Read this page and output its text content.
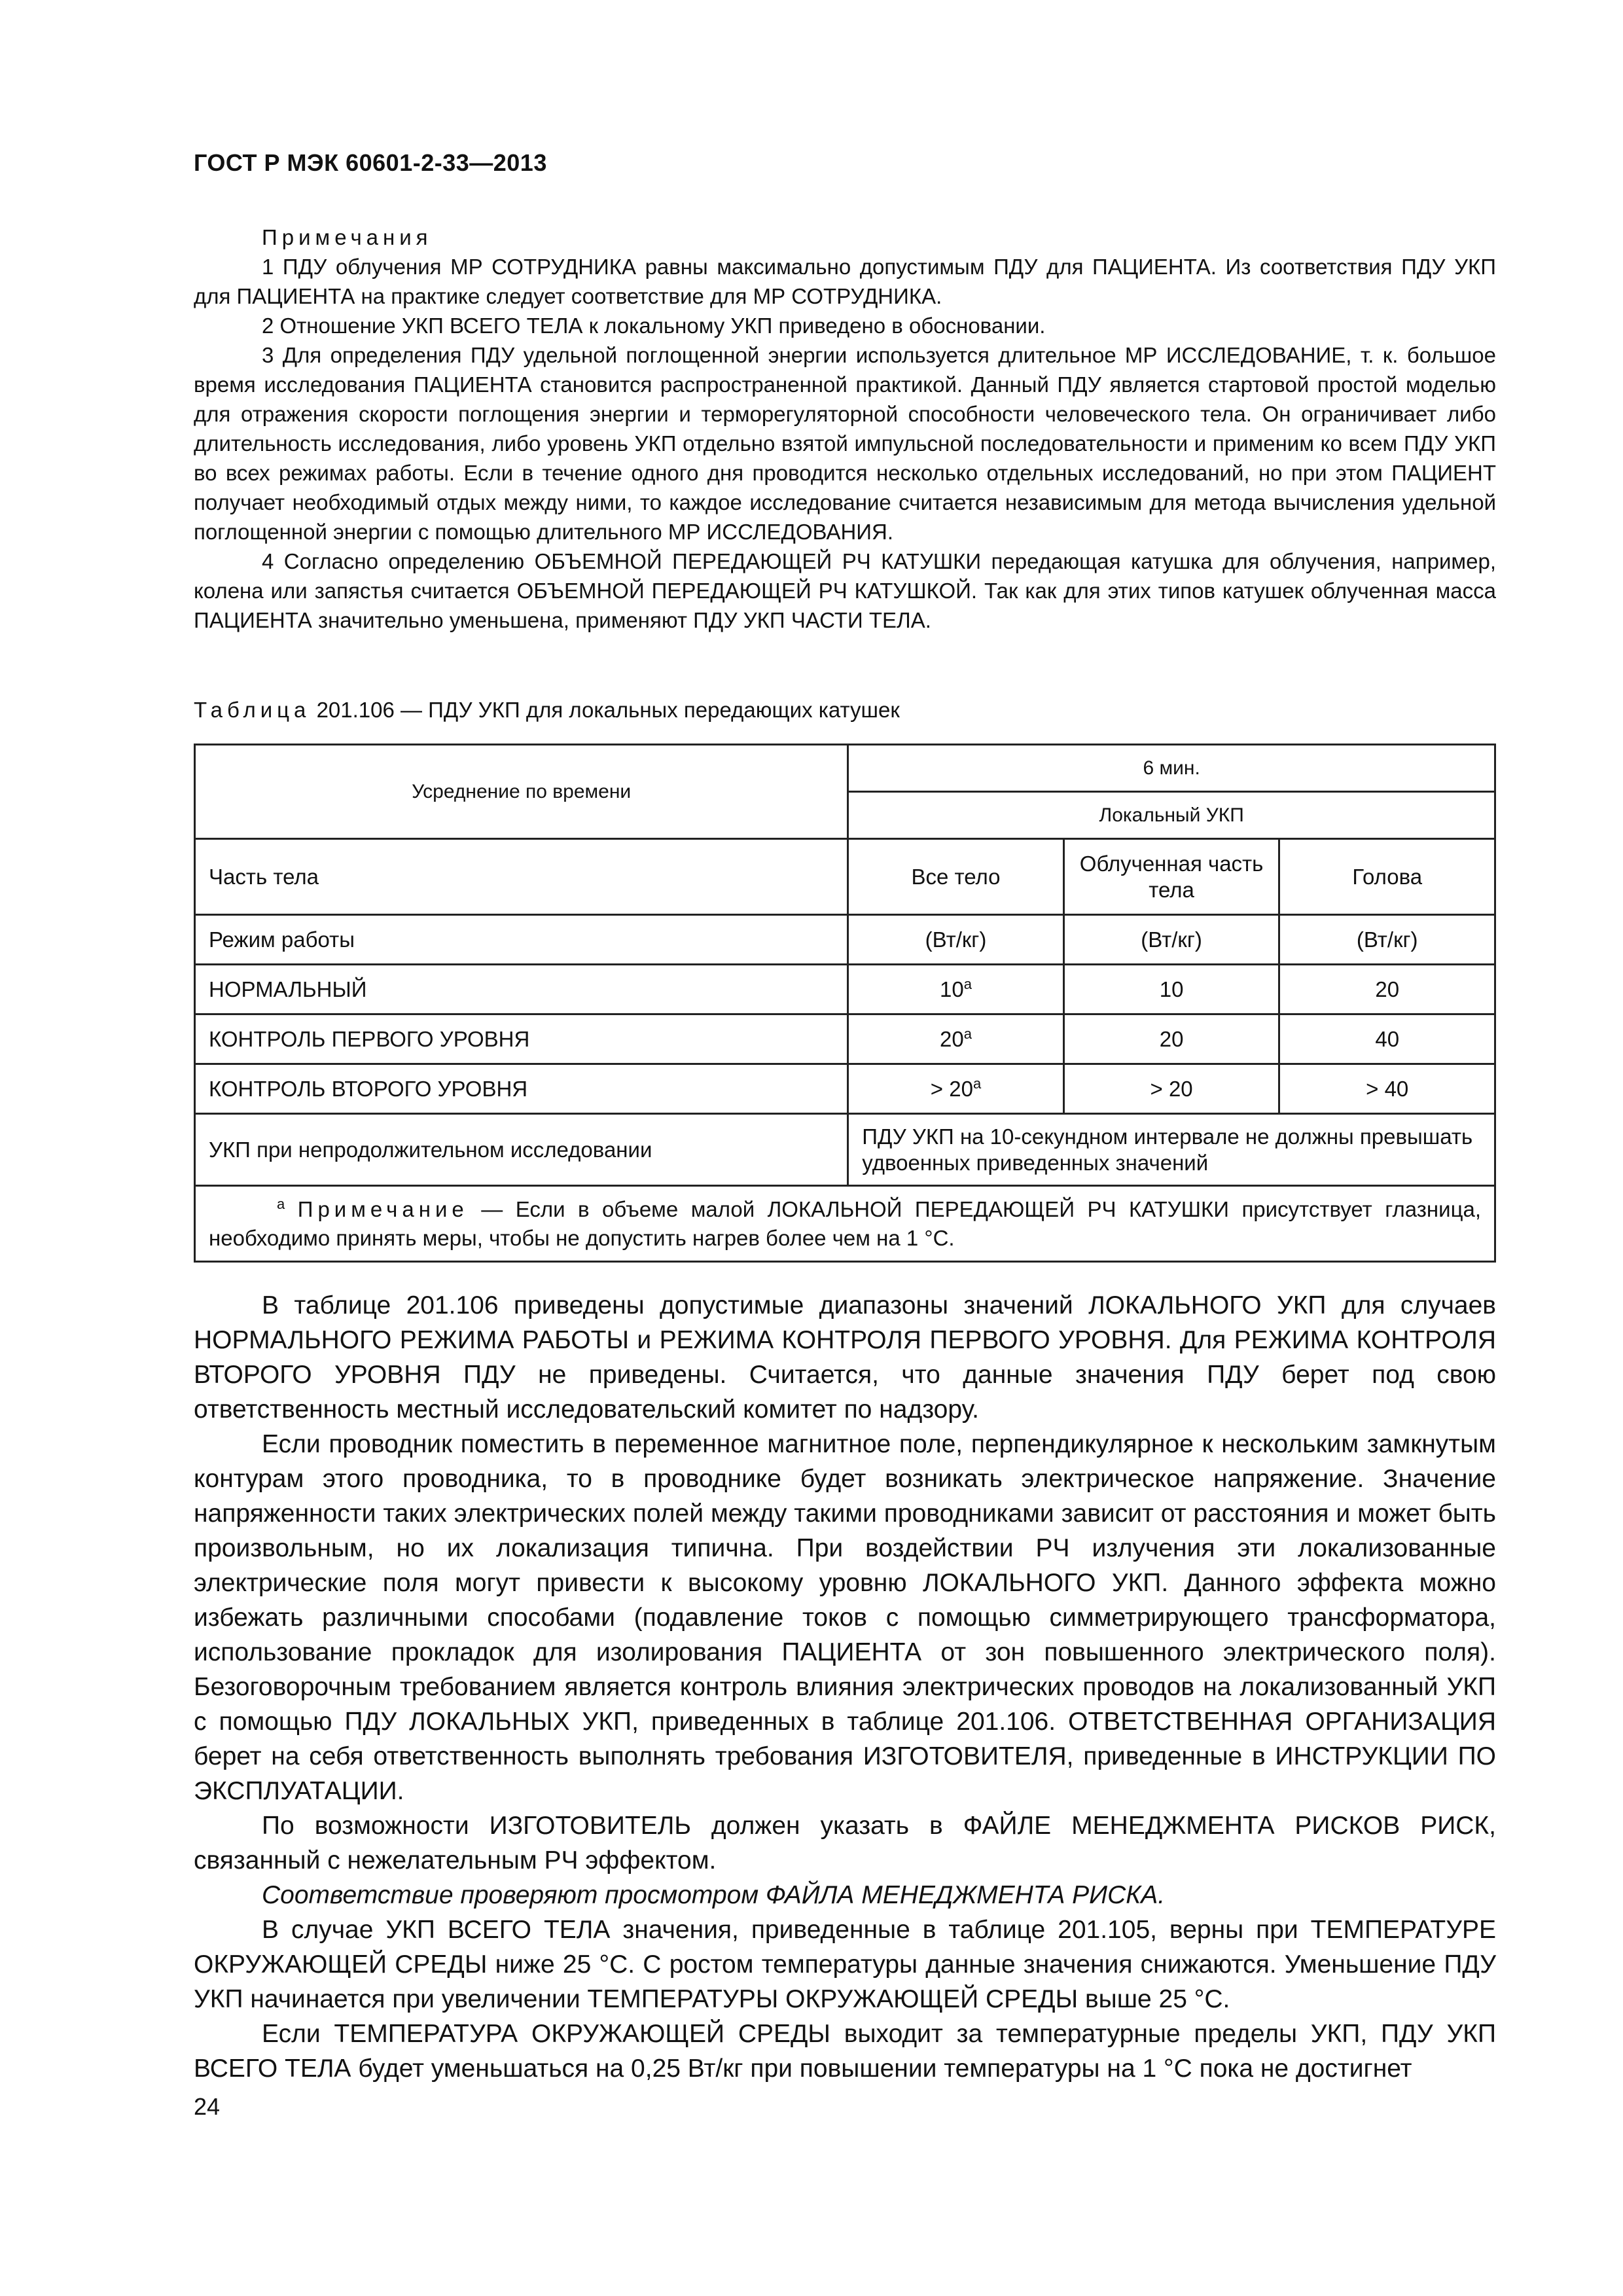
ГОСТ Р МЭК 60601-2-33—2013

Примечания

1 ПДУ облучения МР СОТРУДНИКА равны максимально допустимым ПДУ для ПАЦИЕНТА. Из соответствия ПДУ УКП для ПАЦИЕНТА на практике следует соответствие для МР СОТРУДНИКА.

2 Отношение УКП ВСЕГО ТЕЛА к локальному УКП приведено в обосновании.

3 Для определения ПДУ удельной поглощенной энергии используется длительное МР ИССЛЕДОВАНИЕ, т. к. большое время исследования ПАЦИЕНТА становится распространенной практикой. Данный ПДУ является стартовой простой моделью для отражения скорости поглощения энергии и терморегуляторной способности человеческого тела. Он ограничивает либо длительность исследования, либо уровень УКП отдельно взятой импульсной последовательности и применим ко всем ПДУ УКП во всех режимах работы. Если в течение одного дня проводится несколько отдельных исследований, но при этом ПАЦИЕНТ получает необходимый отдых между ними, то каждое исследование считается независимым для метода вычисления удельной поглощенной энергии с помощью длительного МР ИССЛЕДОВАНИЯ.

4 Согласно определению ОБЪЕМНОЙ ПЕРЕДАЮЩЕЙ РЧ КАТУШКИ передающая катушка для облучения, например, колена или запястья считается ОБЪЕМНОЙ ПЕРЕДАЮЩЕЙ РЧ КАТУШКОЙ. Так как для этих типов катушек облученная масса ПАЦИЕНТА значительно уменьшена, применяют ПДУ УКП ЧАСТИ ТЕЛА.

Таблица 201.106 — ПДУ УКП для локальных передающих катушек
Усреднение по времени	6 мин.		
	Локальный УКП		
Часть тела	Все тело	Облученная часть тела	Голова
Режим работы	(Вт/кг)	(Вт/кг)	(Вт/кг)
НОРМАЛЬНЫЙ	10$^a$	10	20
КОНТРОЛЬ ПЕРВОГО УРОВНЯ	20$^a$	20	40
КОНТРОЛЬ ВТОРОГО УРОВНЯ	> $20^a$	> 20	> 40
УКП при непродолжительном исследовании	ПДУ УКП на 10-секундном интервале не должны превышать удвоенных приведенных значений		
$^a$ Примечание — Если в объеме малой ЛОКАЛЬНОЙ ПЕРЕДАЮЩЕЙ РЧ КАТУШКИ присутствует глазница, необходимо принять меры, чтобы не допустить нагрев более чем на 1 °С.			

В таблице 201.106 приведены допустимые диапазоны значений ЛОКАЛЬНОГО УКП для случаев НОРМАЛЬНОГО РЕЖИМА РАБОТЫ и РЕЖИМА КОНТРОЛЯ ПЕРВОГО УРОВНЯ. Для РЕЖИМА КОНТРОЛЯ ВТОРОГО УРОВНЯ ПДУ не приведены. Считается, что данные значения ПДУ берет под свою ответственность местный исследовательский комитет по надзору.

Если проводник поместить в переменное магнитное поле, перпендикулярное к нескольким замкнутым контурам этого проводника, то в проводнике будет возникать электрическое напряжение. Значение напряженности таких электрических полей между такими проводниками зависит от расстояния и может быть произвольным, но их локализация типична. При воздействии РЧ излучения эти локализованные электрические поля могут привести к высокому уровню ЛОКАЛЬНОГО УКП. Данного эффекта можно избежать различными способами (подавление токов с помощью симметрирующего трансформатора, использование прокладок для изолирования ПАЦИЕНТА от зон повышенного электрического поля). Безоговорочным требованием является контроль влияния электрических проводов на локализованный УКП с помощью ПДУ ЛОКАЛЬНЫХ УКП, приведенных в таблице 201.106. ОТВЕТСТВЕННАЯ ОРГАНИЗАЦИЯ берет на себя ответственность выполнять требования ИЗГОТОВИТЕЛЯ, приведенные в ИНСТРУКЦИИ ПО ЭКСПЛУАТАЦИИ.

По возможности ИЗГОТОВИТЕЛЬ должен указать в ФАЙЛЕ МЕНЕДЖМЕНТА РИСКОВ РИСК, связанный с нежелательным РЧ эффектом.

Соответствие проверяют просмотром ФАЙЛА МЕНЕДЖМЕНТА РИСКА.

В случае УКП ВСЕГО ТЕЛА значения, приведенные в таблице 201.105, верны при ТЕМПЕРАТУРЕ ОКРУЖАЮЩЕЙ СРЕДЫ ниже 25 °С. С ростом температуры данные значения снижаются. Уменьшение ПДУ УКП начинается при увеличении ТЕМПЕРАТУРЫ ОКРУЖАЮЩЕЙ СРЕДЫ выше 25 °С.

Если ТЕМПЕРАТУРА ОКРУЖАЮЩЕЙ СРЕДЫ выходит за температурные пределы УКП, ПДУ УКП ВСЕГО ТЕЛА будет уменьшаться на 0,25 Вт/кг при повышении температуры на 1 °С пока не достигнет

24
